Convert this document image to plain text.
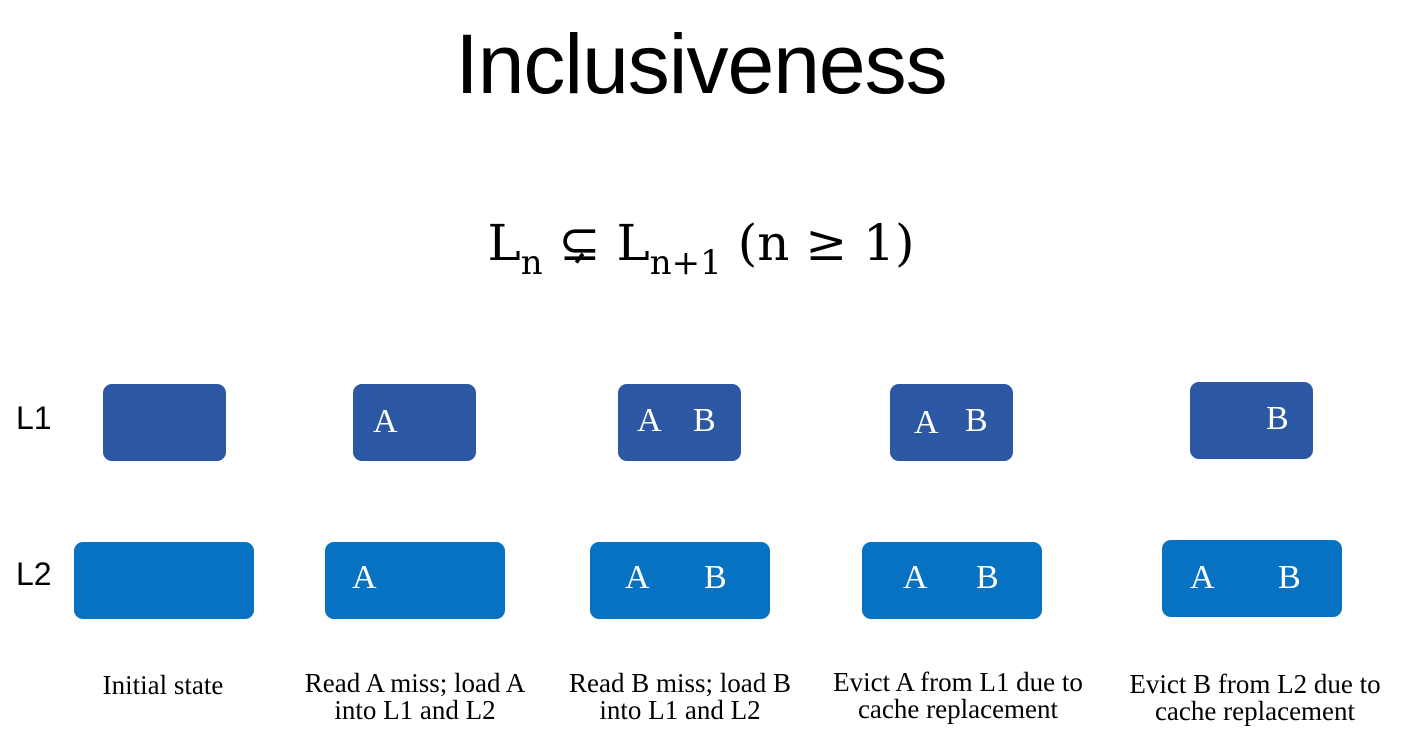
Inclusiveness
$L_n$ ⊊ $L_{n+1}$ (n ≥ 1)
L1
L2
Initial state
A
A
Read A miss; load A
into L1 and L2
A B
A B
Read B miss; load B
into L1 and L2
A B
A B
Evict A from L1 due to
cache replacement
B
A B
Evict B from L2 due to
cache replacement
